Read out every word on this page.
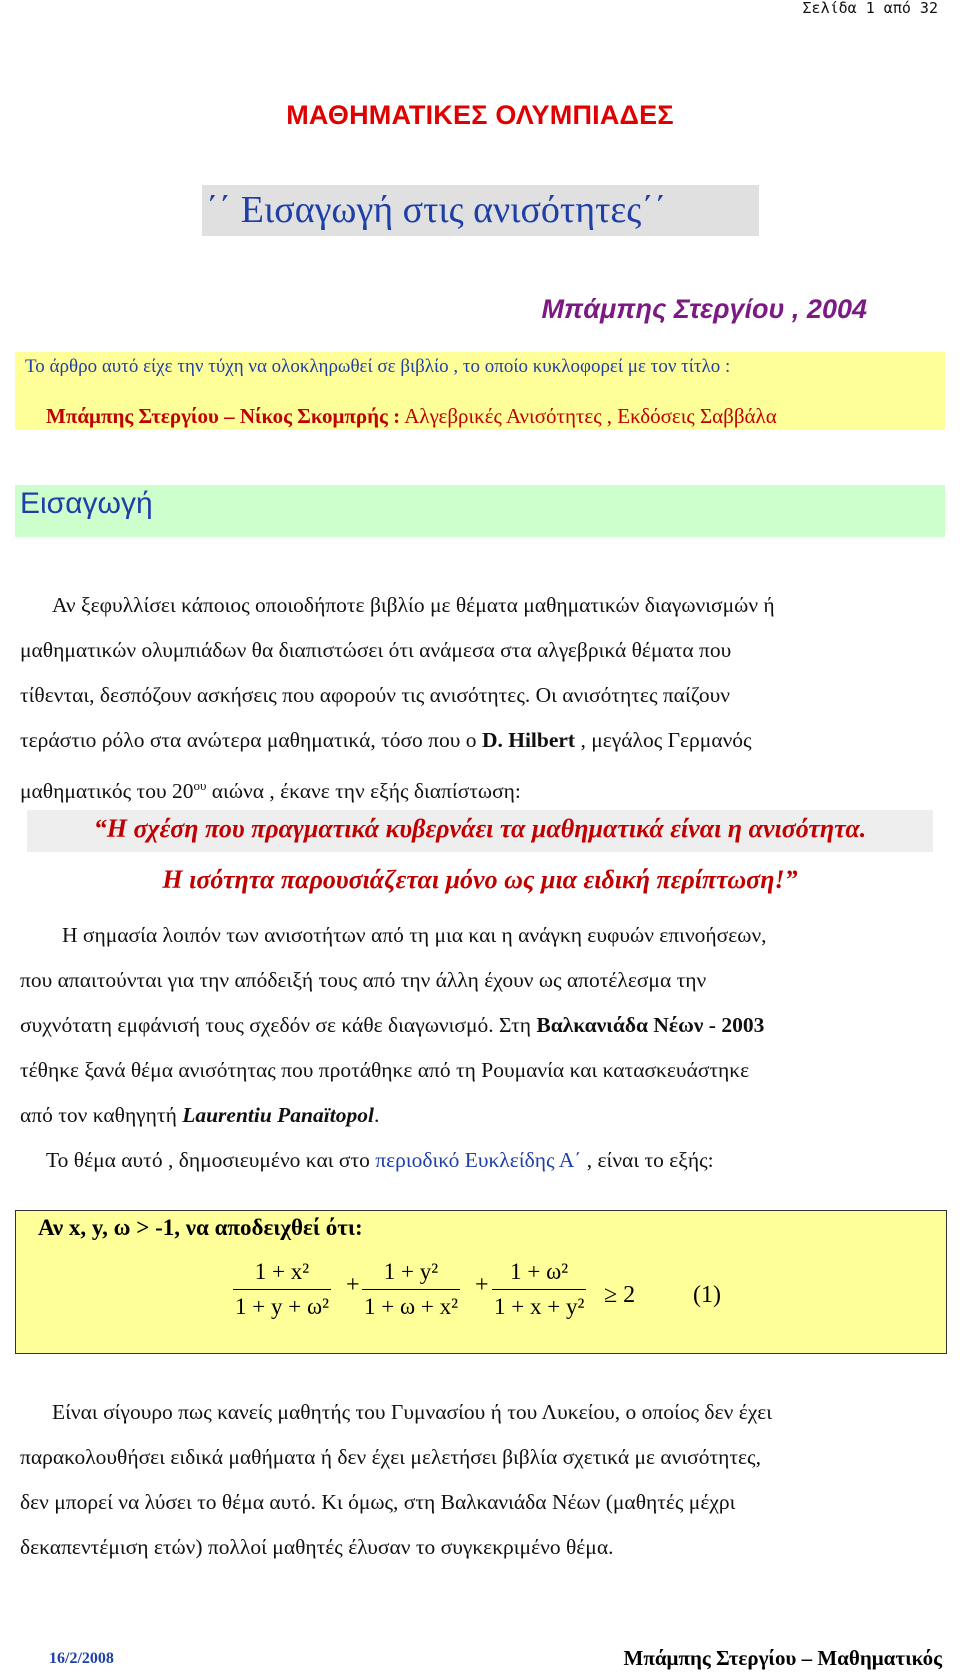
Σελίδα 1 από 32
ΜΑΘΗΜΑΤΙΚΕΣ ΟΛΥΜΠΙΑΔΕΣ
΄΄ Εισαγωγή στις ανισότητες΄΄
Μπάμπης Στεργίου , 2004
Το άρθρο αυτό είχε την τύχη να ολοκληρωθεί σε βιβλίο , το οποίο κυκλοφορεί με τον τίτλο :
Μπάμπης Στεργίου – Νίκος Σκομπρής : Αλγεβρικές Ανισότητες , Εκδόσεις Σαββάλα
Εισαγωγή

Αν ξεφυλλίσει κάποιος οποιοδήποτε βιβλίο με θέματα μαθηματικών διαγωνισμών ή

μαθηματικών ολυμπιάδων θα διαπιστώσει ότι ανάμεσα στα αλγεβρικά θέματα που

τίθενται, δεσπόζουν ασκήσεις που αφορούν τις ανισότητες. Οι ανισότητες παίζουν

τεράστιο ρόλο στα ανώτερα μαθηματικά, τόσο που ο D. Hilbert , μεγάλος Γερμανός

μαθηματικός του $20^{o\upsilon}$ αιώνα , έκανε την εξής διαπίστωση:

“Η σχέση που πραγματικά κυβερνάει τα μαθηματικά είναι η ανισότητα.
Η ισότητα παρουσιάζεται μόνο ως μια ειδική περίπτωση!”

Η σημασία λοιπόν των ανισοτήτων από τη μια και η ανάγκη ευφυών επινοήσεων,

που απαιτούνται για την απόδειξή τους από την άλλη έχουν ως αποτέλεσμα την

συχνότατη εμφάνισή τους σχεδόν σε κάθε διαγωνισμό. Στη Βαλκανιάδα Νέων - 2003

τέθηκε ξανά θέμα ανισότητας που προτάθηκε από τη Ρουμανία και κατασκευάστηκε

από τον καθηγητή Laurentiu Panaïtopol.

Το θέμα αυτό , δημοσιευμένο και στο περιοδικό Ευκλείδης Α΄ , είναι το εξής:

Αν x, y, ω > -1, να αποδειχθεί ότι:
$\frac{\text{1 + x²}}{\text{1 + y + ω²}} + \frac{\text{1 + y²}}{\text{1 + ω + x²}} + \frac{\text{1 + ω²}}{\text{1 + x + y²}} \ge 2$ (1)

Είναι σίγουρο πως κανείς μαθητής του Γυμνασίου ή του Λυκείου, ο οποίος δεν έχει

παρακολουθήσει ειδικά μαθήματα ή δεν έχει μελετήσει βιβλία σχετικά με ανισότητες,

δεν μπορεί να λύσει το θέμα αυτό. Κι όμως, στη Βαλκανιάδα Νέων (μαθητές μέχρι

δεκαπεντέμιση ετών) πολλοί μαθητές έλυσαν το συγκεκριμένο θέμα.

16/2/2008	Μπάμπης Στεργίου – Μαθηματικός
